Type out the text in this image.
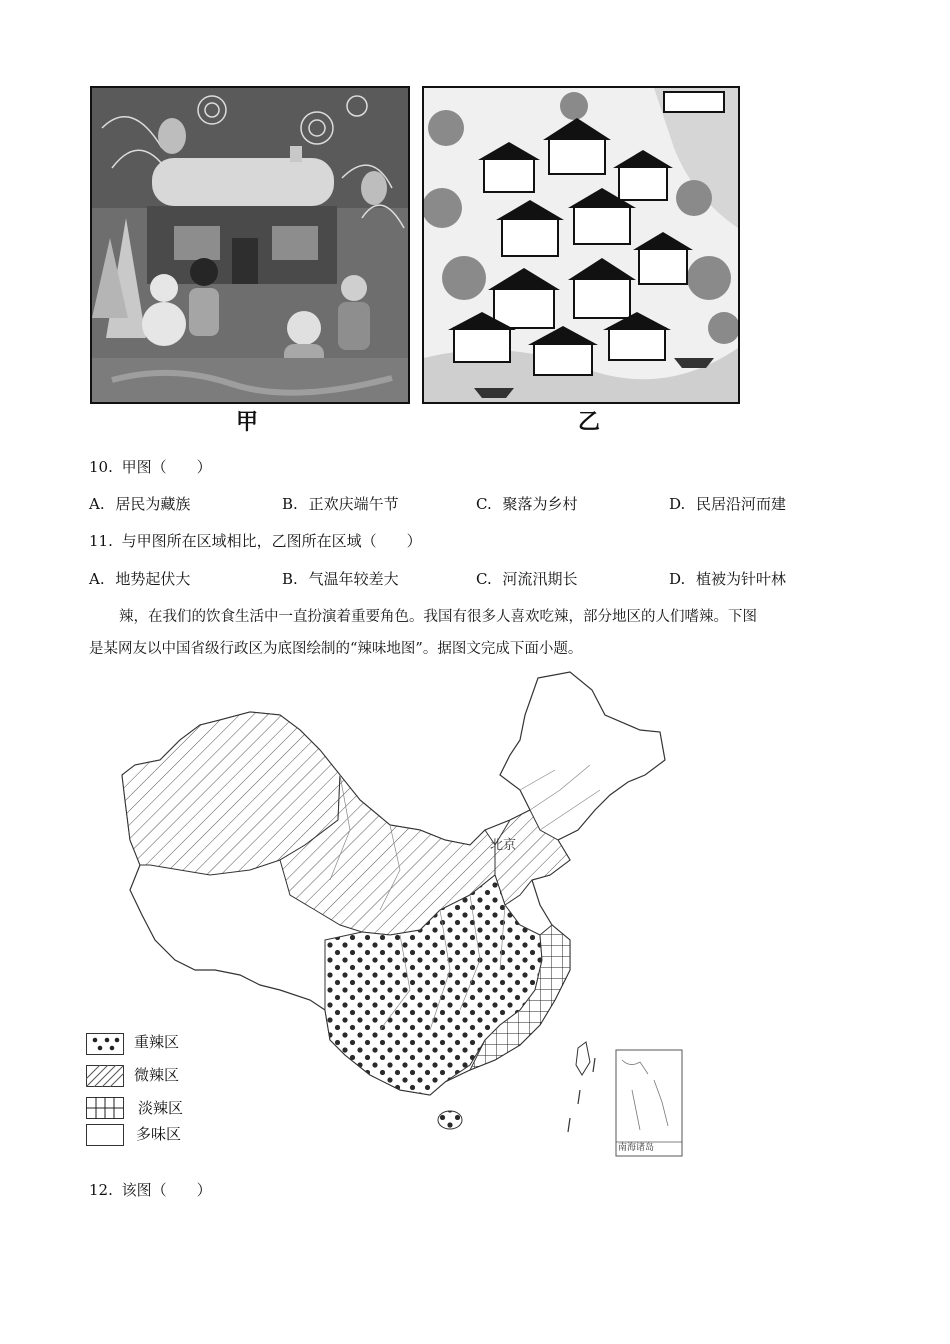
甲	乙
10. 甲图（　　）
A. 居民为藏族	B. 正欢庆端午节	C. 聚落为乡村	D. 民居沿河而建
11. 与甲图所在区域相比，乙图所在区域（　　）
A. 地势起伏大	B. 气温年较差大	C. 河流汛期长	D. 植被为针叶林
辣，在我们的饮食生活中一直扮演着重要角色。我国有很多人喜欢吃辣，部分地区的人们嗜辣。下图
是某网友以中国省级行政区为底图绘制的“辣味地图”。据图文完成下面小题。
北京
南海诸岛
重辣区
微辣区
淡辣区
多味区
12. 该图（　　）
